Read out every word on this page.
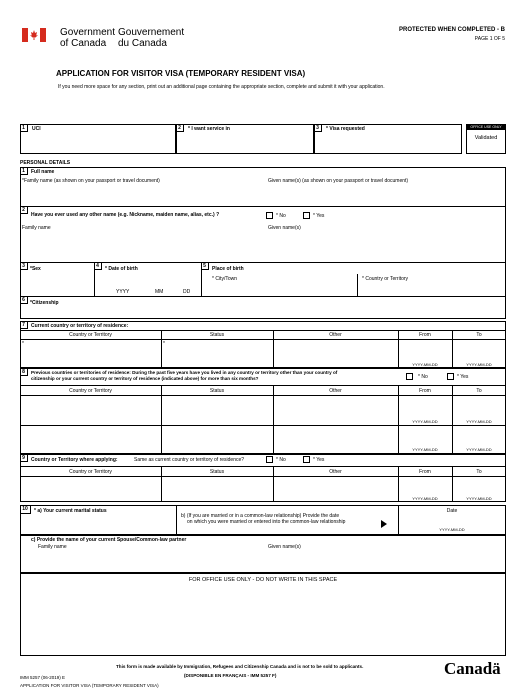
Government
of Canada
Gouvernement
du Canada
PROTECTED WHEN COMPLETED - B
PAGE 1 OF 5
APPLICATION FOR VISITOR VISA (TEMPORARY RESIDENT VISA)
If you need more space for any section, print out an additional page containing the appropriate section, complete and submit it with your application.
1	UCI	2	* I want service in	3	* Visa requested	OFFICE USE ONLY
Validated
PERSONAL DETAILS
1	Full name
*Family name (as shown on your passport or travel document)	Given name(s) (as shown on your passport or travel document)
2
Have you ever used any other name (e.g. Nickname, maiden name, alias, etc.) ?	* No	* Yes
Family name	Given name(s)
3	*Sex	4	* Date of birth
YYYY	MM	DD
5	Place of birth
* City/Town	* Country or Territory
6	*Citizenship
7	Current country or territory of residence:
Country or Territory	Status	Other	From	To
*	*
YYYY-MM-DD	YYYY-MM-DD
8	Previous countries or territories of residence: During the past five years have you lived in any country or territory other than your country of
citizenship or your current country or territory of residence (indicated above) for more than six months?	* No	* Yes
Country or Territory	Status	Other	From	To
YYYY-MM-DD	YYYY-MM-DD
YYYY-MM-DD	YYYY-MM-DD
9	Country or Territory where applying:	Same as current country or territory of residence?	* No	* Yes
Country or Territory	Status	Other	From	To
YYYY-MM-DD	YYYY-MM-DD
10	* a) Your current marital status
b) (If you are married or in a common-law relationship) Provide the date
on which you were married or entered into the common-law relationship
Date
YYYY-MM-DD
c) Provide the name of your current Spouse/Common-law partner
Family name	Given name(s)
FOR OFFICE USE ONLY - DO NOT WRITE IN THIS SPACE
IMM 5257 (06-2019) E
APPLICATION FOR VISITOR VISA (TEMPORARY RESIDENT VISA)
This form is made available by Immigration, Refugees and Citizenship Canada and is not to be sold to applicants.
(DISPONIBLE EN FRANÇAIS - IMM 5257 F)	Canadä
